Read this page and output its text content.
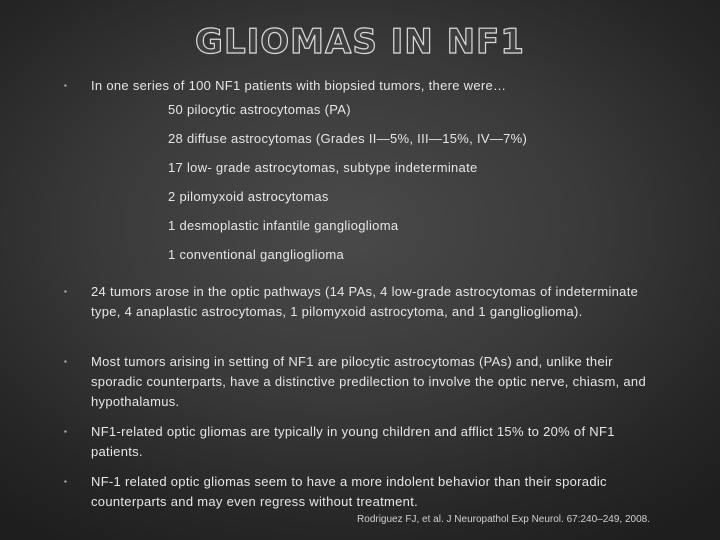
GLIOMAS IN NF1
▪ In one series of 100 NF1 patients with biopsied tumors, there were…
50 pilocytic astrocytomas (PA)
28 diffuse astrocytomas (Grades II—5%, III—15%, IV—7%)
17 low- grade astrocytomas, subtype indeterminate
2 pilomyxoid astrocytomas
1 desmoplastic infantile ganglioglioma
1 conventional ganglioglioma
▪ 24 tumors arose in the optic pathways (14 PAs, 4 low-grade astrocytomas of indeterminate type, 4 anaplastic astrocytomas, 1 pilomyxoid astrocytoma, and 1 ganglioglioma).
▪ Most tumors arising in setting of NF1 are pilocytic astrocytomas (PAs) and, unlike their sporadic counterparts, have a distinctive predilection to involve the optic nerve, chiasm, and hypothalamus.
▪ NF1-related optic gliomas are typically in young children and afflict 15% to 20% of NF1 patients.
▪ NF-1 related optic gliomas seem to have a more indolent behavior than their sporadic counterparts and may even regress without treatment.
Rodriguez FJ, et al. J Neuropathol Exp Neurol. 67:240–249, 2008.
